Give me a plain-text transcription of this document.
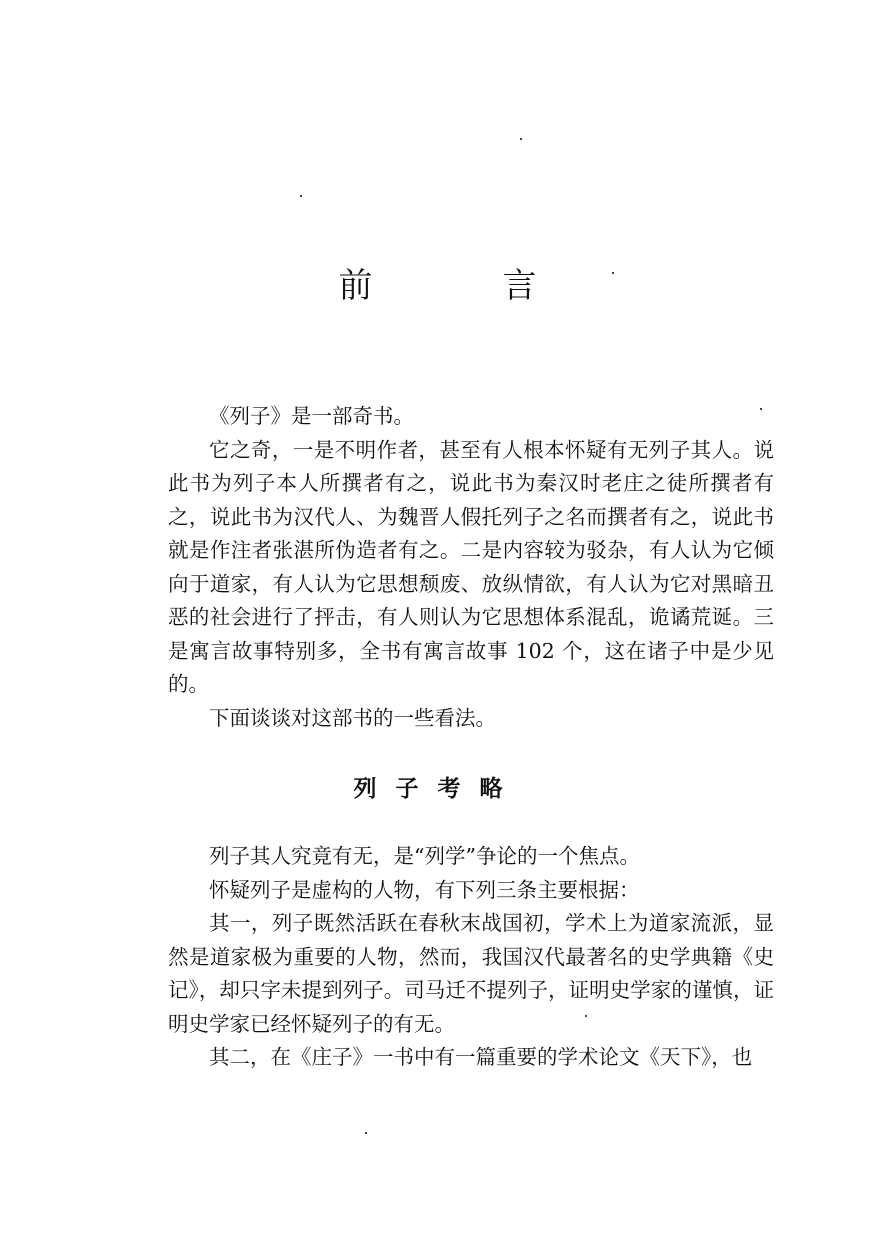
前	言

《列子》是一部奇书。

它之奇，一是不明作者，甚至有人根本怀疑有无列子其人。说此书为列子本人所撰者有之，说此书为秦汉时老庄之徒所撰者有之，说此书为汉代人、为魏晋人假托列子之名而撰者有之，说此书就是作注者张湛所伪造者有之。二是内容较为驳杂，有人认为它倾向于道家，有人认为它思想颓废、放纵情欲，有人认为它对黑暗丑恶的社会进行了抨击，有人则认为它思想体系混乱，诡谲荒诞。三是寓言故事特别多，全书有寓言故事 102 个，这在诸子中是少见的。

下面谈谈对这部书的一些看法。

列子考略

列子其人究竟有无，是“列学”争论的一个焦点。

怀疑列子是虚构的人物，有下列三条主要根据：

其一，列子既然活跃在春秋末战国初，学术上为道家流派，显然是道家极为重要的人物，然而，我国汉代最著名的史学典籍《史记》，却只字未提到列子。司马迁不提列子，证明史学家的谨慎，证明史学家已经怀疑列子的有无。

其二，在《庄子》一书中有一篇重要的学术论文《天下》，也
